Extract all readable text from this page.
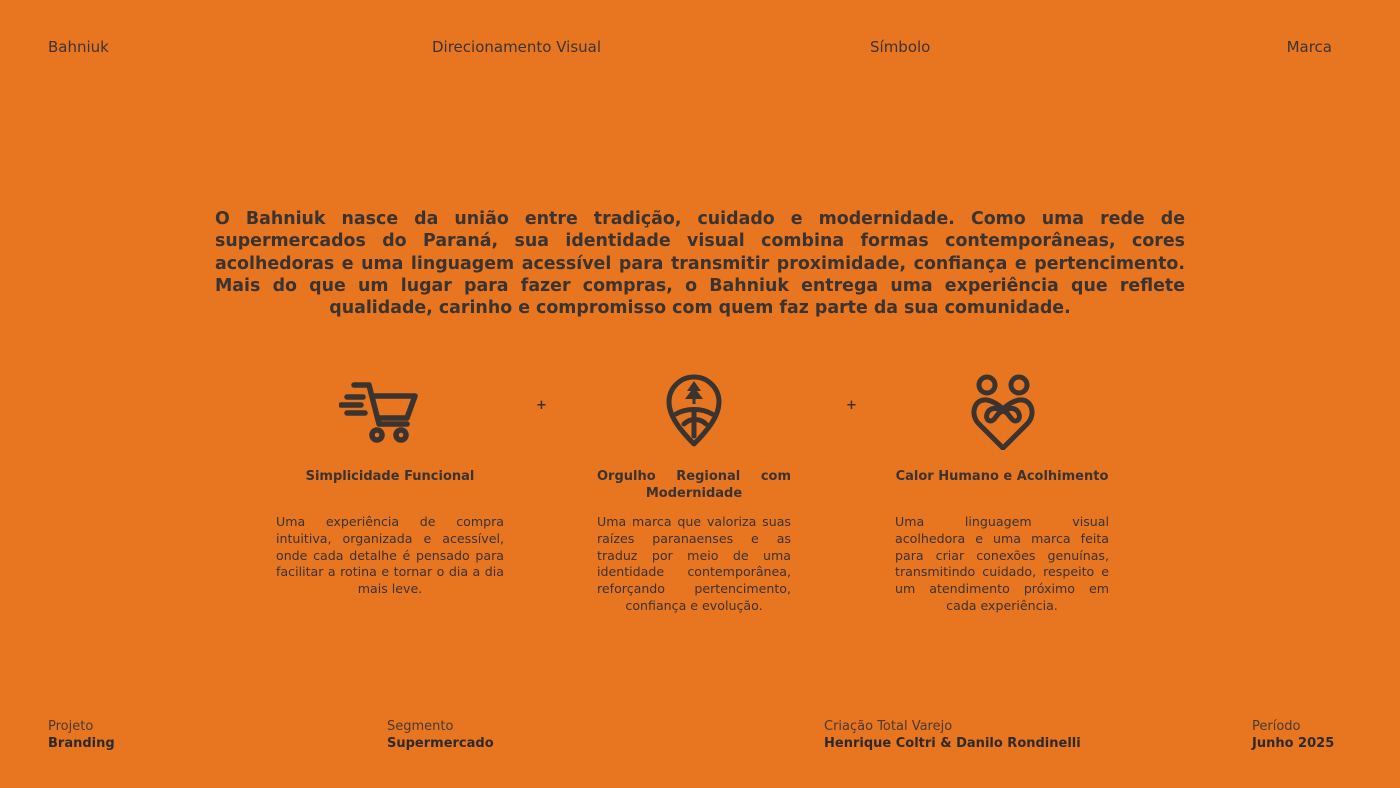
Bahniuk	Direcionamento Visual	Símbolo	Marca

O Bahniuk nasce da união entre tradição, cuidado e modernidade. Como uma rede de supermercados do Paraná, sua identidade visual combina formas contemporâneas, cores acolhedoras e uma linguagem acessível para transmitir proximidade, confiança e pertencimento. Mais do que um lugar para fazer compras, o Bahniuk entrega uma experiência que reflete qualidade, carinho e compromisso com quem faz parte da sua comunidade.

Simplicidade Funcional

Uma experiência de compra intuitiva, organizada e acessível, onde cada detalhe é pensado para facilitar a rotina e tornar o dia a dia mais leve.

+
Orgulho Regional com Modernidade

Uma marca que valoriza suas raízes paranaenses e as traduz por meio de uma identidade contemporânea, reforçando pertencimento, confiança e evolução.

+
Calor Humano e Acolhimento

Uma linguagem visual acolhedora e uma marca feita para criar conexões genuínas, transmitindo cuidado, respeito e um atendimento próximo em cada experiência.

Projeto
Branding
Segmento
Supermercado
Criação Total Varejo
Henrique Coltri & Danilo Rondinelli
Período
Junho 2025
